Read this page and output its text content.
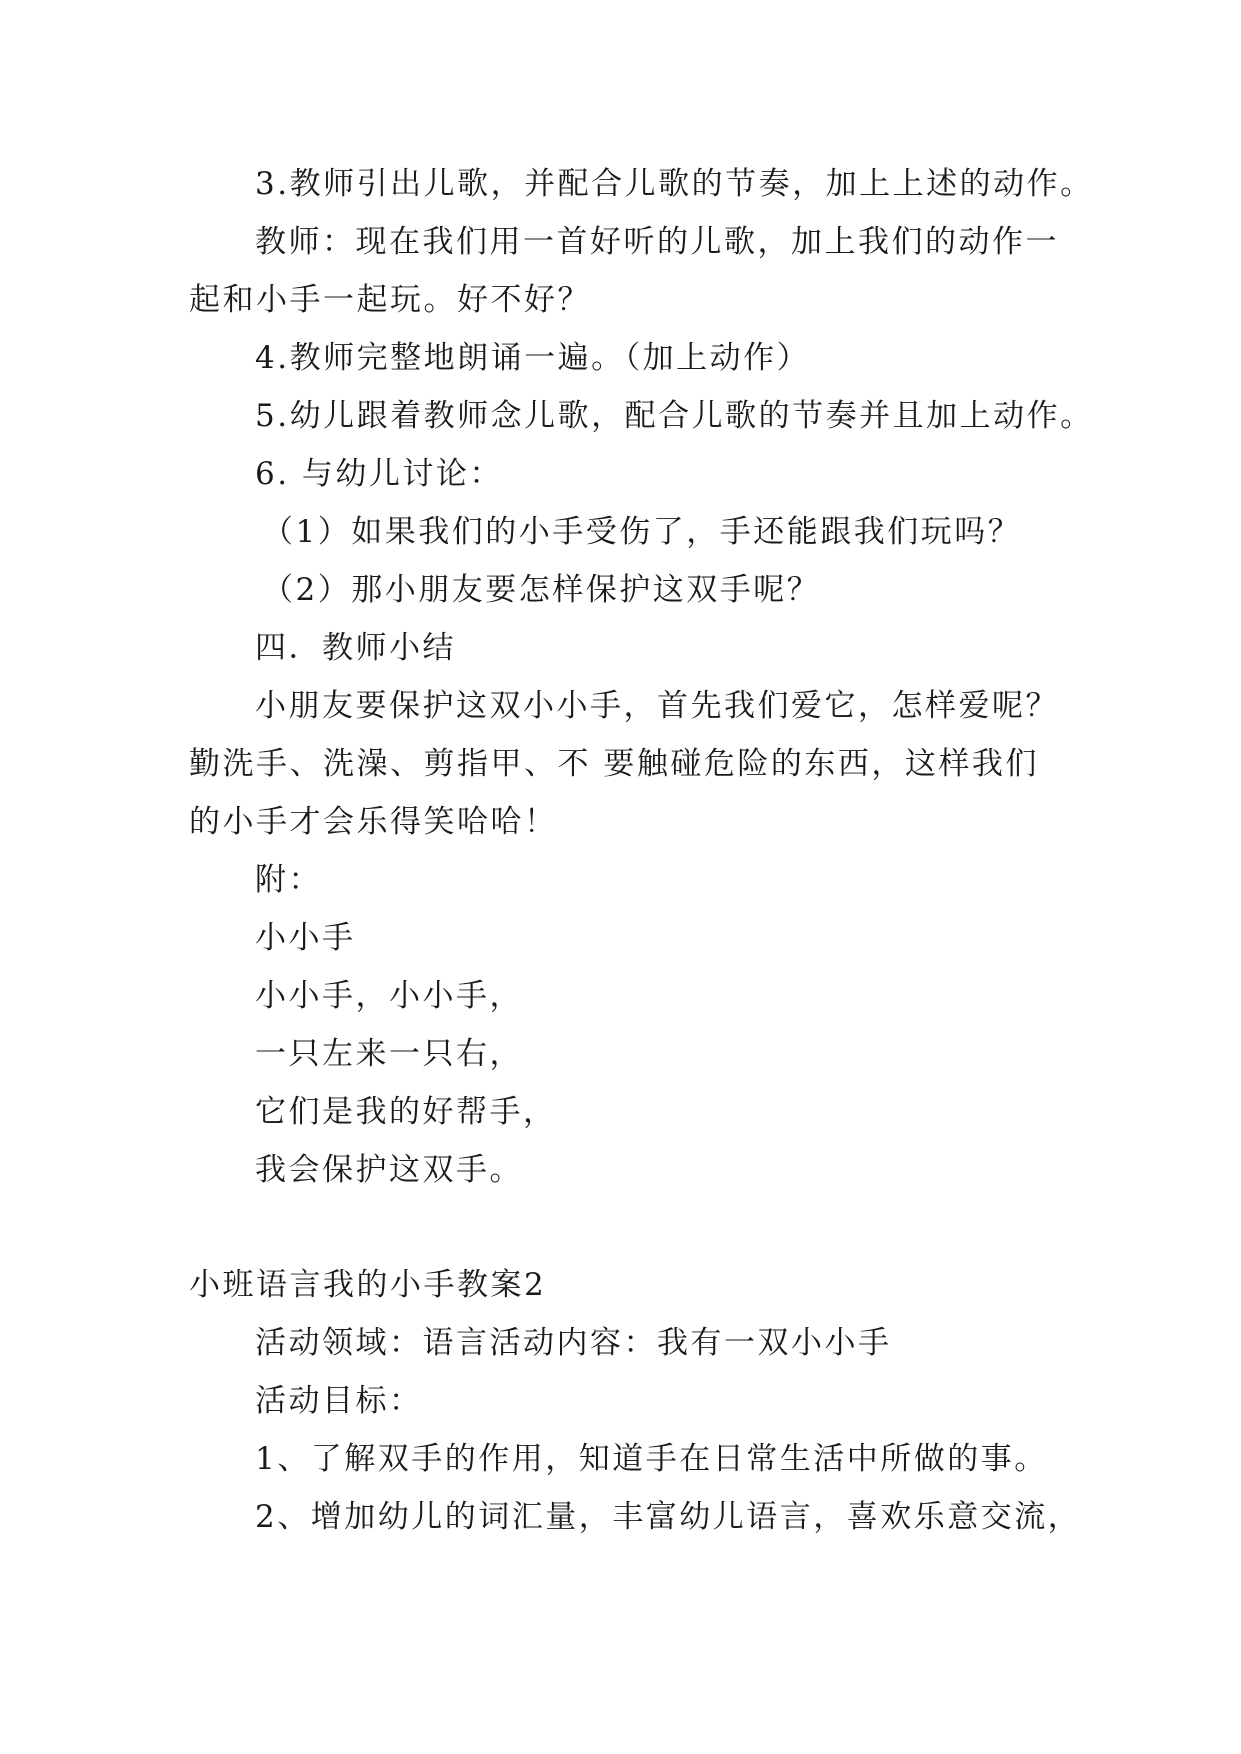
3.教师引出儿歌，并配合儿歌的节奏，加上上述的动作。
教师：现在我们用一首好听的儿歌，加上我们的动作一
起和小手一起玩。好不好？
4.教师完整地朗诵一遍。（加上动作）
5.幼儿跟着教师念儿歌，配合儿歌的节奏并且加上动作。
6. 与幼儿讨论：
（1）如果我们的小手受伤了，手还能跟我们玩吗？
（2）那小朋友要怎样保护这双手呢？
四．教师小结
小朋友要保护这双小小手，首先我们爱它，怎样爱呢？
勤洗手、洗澡、剪指甲、不 要触碰危险的东西，这样我们
的小手才会乐得笑哈哈！
附：
小小手
小小手，小小手，
一只左来一只右，
它们是我的好帮手，
我会保护这双手。
小班语言我的小手教案2
活动领域：语言活动内容：我有一双小小手
活动目标：
1、了解双手的作用，知道手在日常生活中所做的事。
2、增加幼儿的词汇量，丰富幼儿语言，喜欢乐意交流，
